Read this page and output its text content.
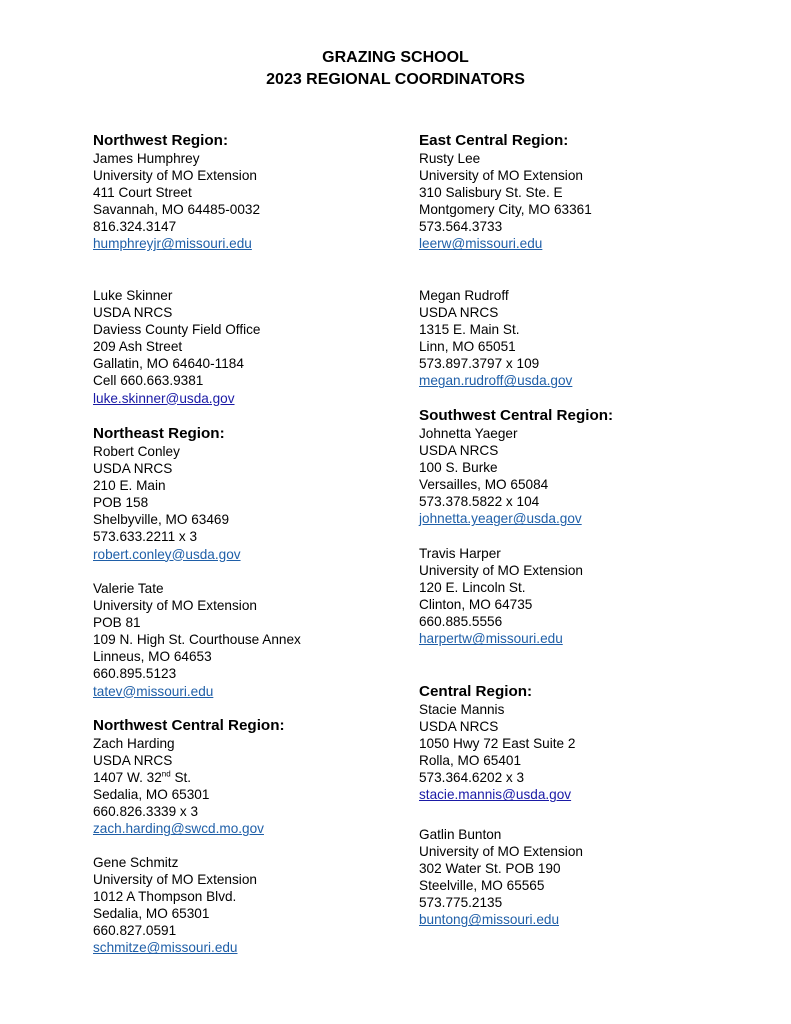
GRAZING SCHOOL
2023 REGIONAL COORDINATORS
Northwest Region:
James Humphrey
University of MO Extension
411 Court Street
Savannah, MO 64485-0032
816.324.3147
humphreyjr@missouri.edu
Luke Skinner
USDA NRCS
Daviess County Field Office
209 Ash Street
Gallatin, MO 64640-1184
Cell 660.663.9381
luke.skinner@usda.gov
Northeast Region:
Robert Conley
USDA NRCS
210 E. Main
POB 158
Shelbyville, MO 63469
573.633.2211 x 3
robert.conley@usda.gov
Valerie Tate
University of MO Extension
POB 81
109 N. High St. Courthouse Annex
Linneus, MO 64653
660.895.5123
tatev@missouri.edu
Northwest Central Region:
Zach Harding
USDA NRCS
1407 W. 32nd St.
Sedalia, MO 65301
660.826.3339 x 3
zach.harding@swcd.mo.gov
Gene Schmitz
University of MO Extension
1012 A Thompson Blvd.
Sedalia, MO 65301
660.827.0591
schmitze@missouri.edu
East Central Region:
Rusty Lee
University of MO Extension
310 Salisbury St. Ste. E
Montgomery City, MO 63361
573.564.3733
leerw@missouri.edu
Megan Rudroff
USDA NRCS
1315 E. Main St.
Linn, MO 65051
573.897.3797 x 109
megan.rudroff@usda.gov
Southwest Central Region:
Johnetta Yaeger
USDA NRCS
100 S. Burke
Versailles, MO 65084
573.378.5822 x 104
johnetta.yeager@usda.gov
Travis Harper
University of MO Extension
120 E. Lincoln St.
Clinton, MO 64735
660.885.5556
harpertw@missouri.edu
Central Region:
Stacie Mannis
USDA NRCS
1050 Hwy 72 East Suite 2
Rolla, MO 65401
573.364.6202 x 3
stacie.mannis@usda.gov
Gatlin Bunton
University of MO Extension
302 Water St. POB 190
Steelville, MO 65565
573.775.2135
buntong@missouri.edu
